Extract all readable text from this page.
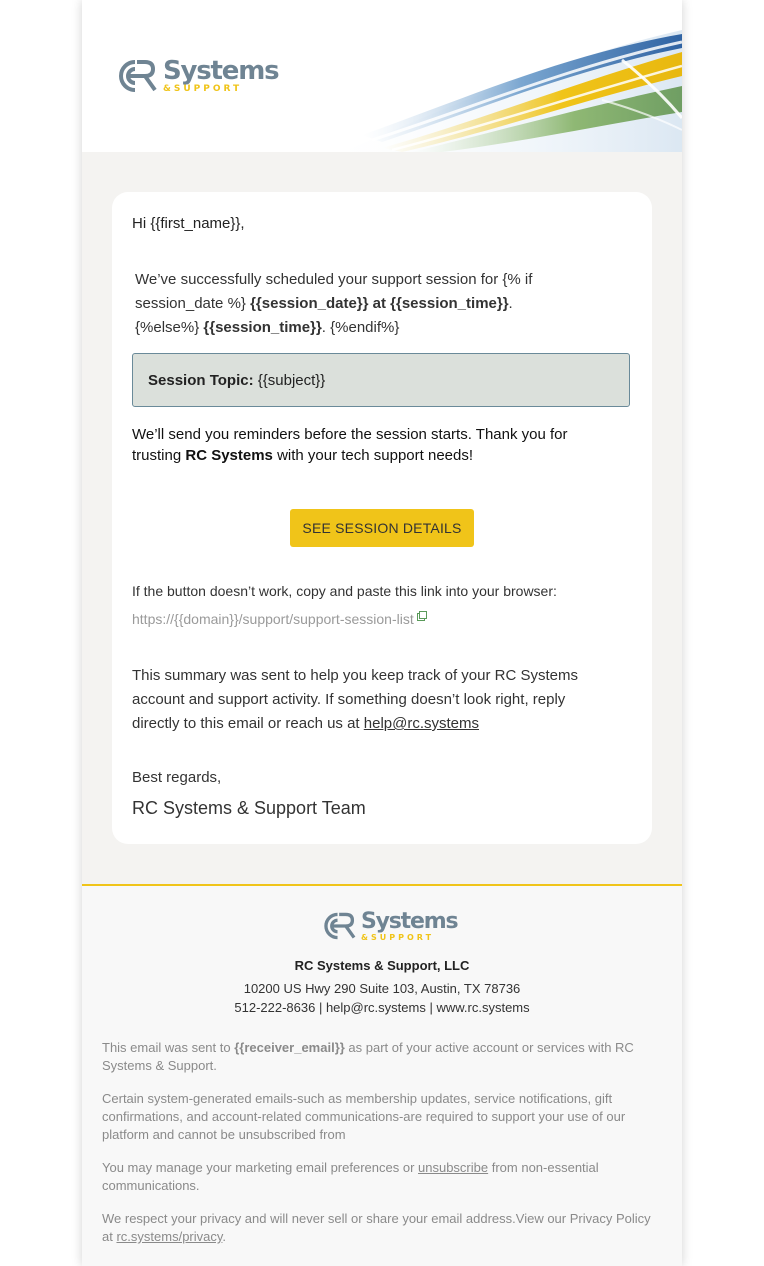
Systems
&SUPPORT
Hi {{first_name}},
We’ve successfully scheduled your support session for {% if session_date %} {{session_date}} at {{session_time}}. {%else%} {{session_time}}. {%endif%}
Session Topic: {{subject}}
We’ll send you reminders before the session starts. Thank you for trusting RC Systems with your tech support needs!
SEE SESSION DETAILS
If the button doesn’t work, copy and paste this link into your browser:
https://{{domain}}/support/support-session-list
This summary was sent to help you keep track of your RC Systems account and support activity. If something doesn’t look right, reply directly to this email or reach us at help@rc.systems
Best regards,
RC Systems & Support Team
Systems
&SUPPORT
RC Systems & Support, LLC
10200 US Hwy 290 Suite 103, Austin, TX 78736
512-222-8636 | help@rc.systems | www.rc.systems

This email was sent to {{receiver_email}} as part of your active account or services with RC Systems & Support.

Certain system-generated emails-such as membership updates, service notifications, gift confirmations, and account-related communications-are required to support your use of our platform and cannot be unsubscribed from

You may manage your marketing email preferences or unsubscribe from non-essential communications.

We respect your privacy and will never sell or share your email address.View our Privacy Policy at rc.systems/privacy.
